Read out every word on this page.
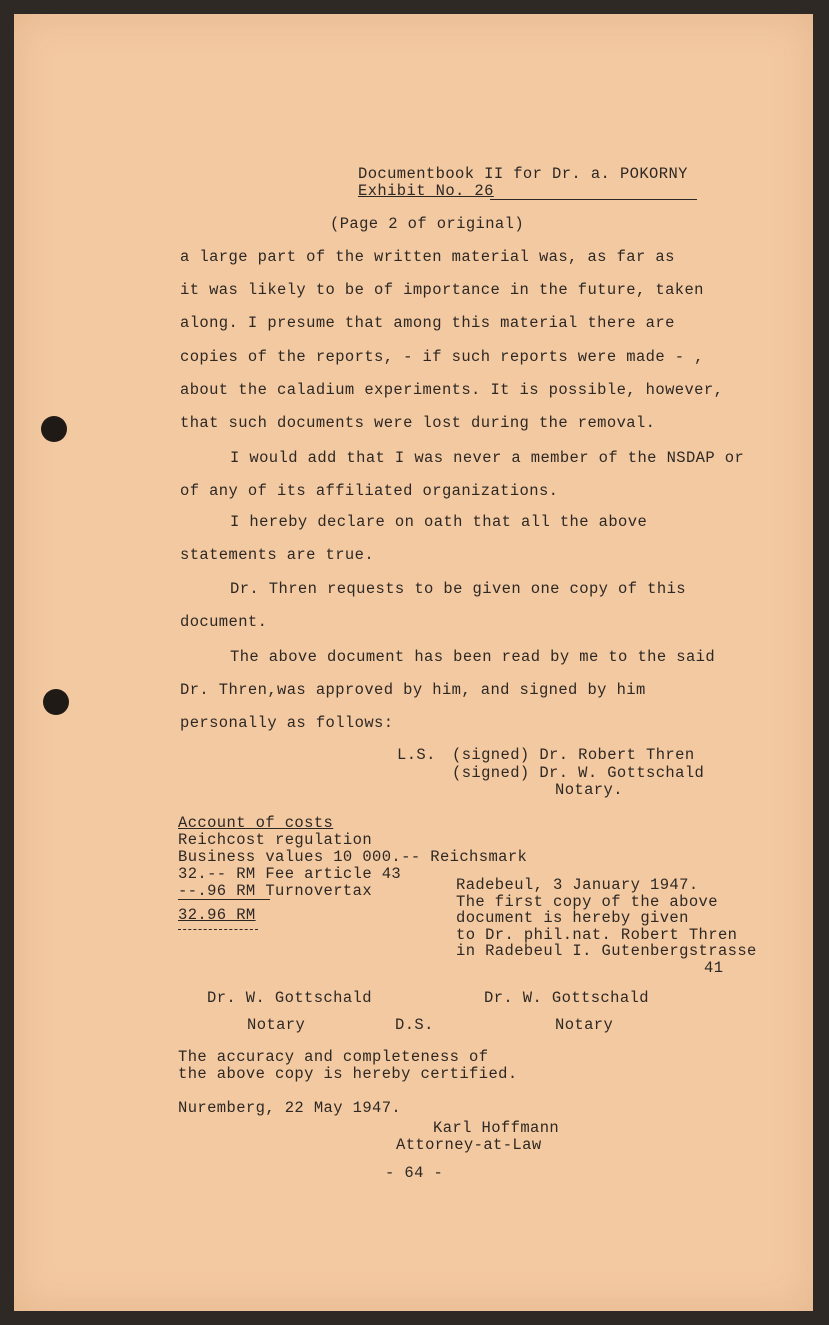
Documentbook II for Dr. a. POKORNY
Exhibit No. 26
(Page 2 of original)
a large part of the written material was, as far as
it was likely to be of importance in the future, taken
along. I presume that among this material there are
copies of the reports, - if such reports were made - ,
about the caladium experiments. It is possible, however,
that such documents were lost during the removal.
I would add that I was never a member of the NSDAP or
of any of its affiliated organizations.
I hereby declare on oath that all the above
statements are true.
Dr. Thren requests to be given one copy of this
document.
The above document has been read by me to the said
Dr. Thren,was approved by him, and signed by him
personally as follows:
L.S. (signed) Dr. Robert Thren
(signed) Dr. W. Gottschald
Notary.
Account of costs
Reichcost regulation
Business values 10 000.-- Reichsmark
32.-- RM Fee article 43
--.96 RM Turnovertax
32.96 RM
Radebeul, 3 January 1947.
The first copy of the above
document is hereby given
to Dr. phil.nat. Robert Thren
in Radebeul I. Gutenbergstrasse
41
Dr. W. Gottschald	Dr. W. Gottschald
Notary	D.S.	Notary
The accuracy and completeness of
the above copy is hereby certified.
Nuremberg, 22 May 1947.
Karl Hoffmann
Attorney-at-Law
- 64 -
